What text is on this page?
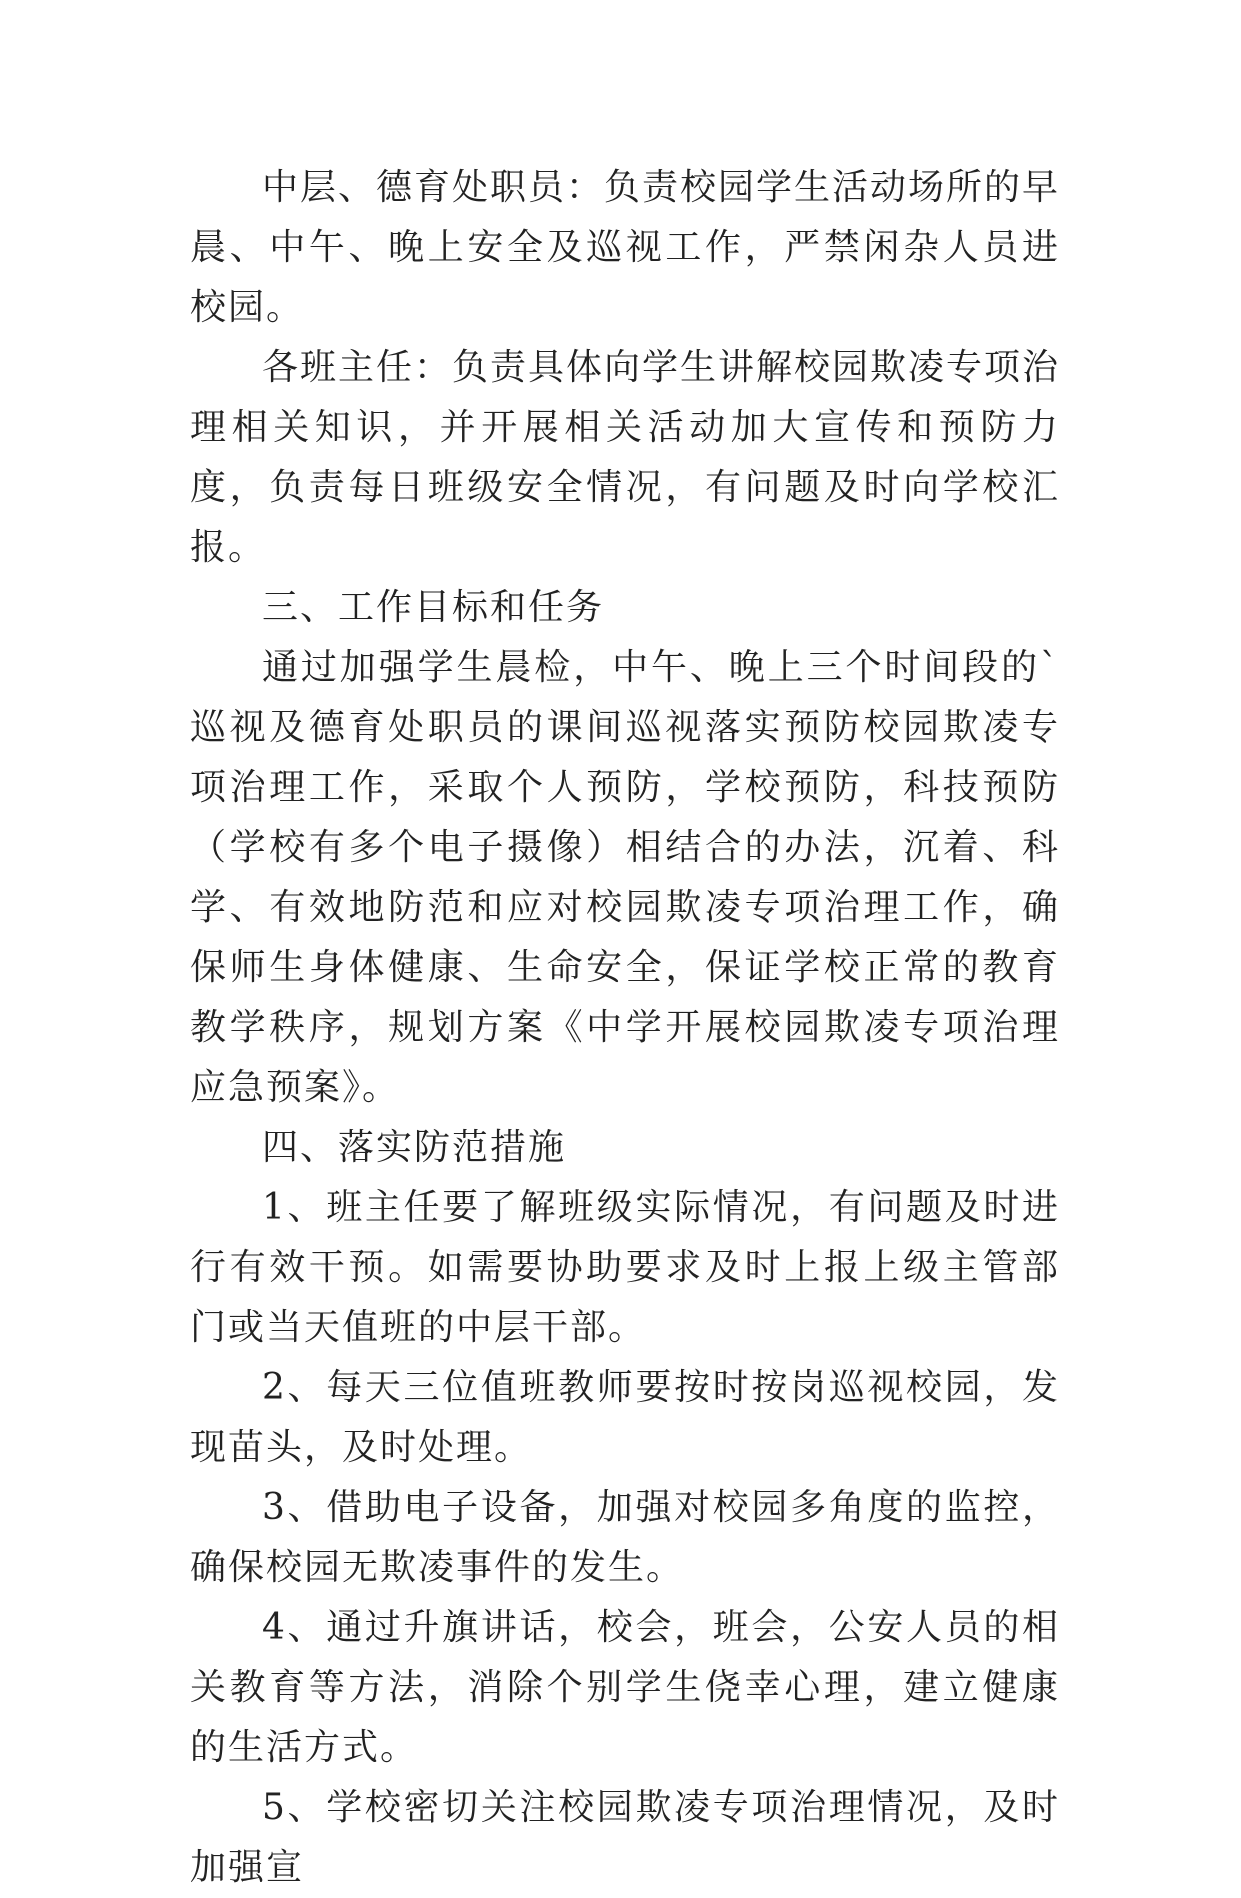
中层、德育处职员：负责校园学生活动场所的早晨、中午、晚上安全及巡视工作，严禁闲杂人员进校园。

各班主任：负责具体向学生讲解校园欺凌专项治理相关知识，并开展相关活动加大宣传和预防力度，负责每日班级安全情况，有问题及时向学校汇报。

三、工作目标和任务

通过加强学生晨检，中午、晚上三个时间段的`巡视及德育处职员的课间巡视落实预防校园欺凌专项治理工作，采取个人预防，学校预防，科技预防（学校有多个电子摄像）相结合的办法，沉着、科学、有效地防范和应对校园欺凌专项治理工作，确保师生身体健康、生命安全，保证学校正常的教育教学秩序，规划方案《中学开展校园欺凌专项治理应急预案》。

四、落实防范措施

1、班主任要了解班级实际情况，有问题及时进行有效干预。如需要协助要求及时上报上级主管部门或当天值班的中层干部。

2、每天三位值班教师要按时按岗巡视校园，发现苗头，及时处理。

3、借助电子设备，加强对校园多角度的监控，确保校园无欺凌事件的发生。

4、通过升旗讲话，校会，班会，公安人员的相关教育等方法，消除个别学生侥幸心理，建立健康的生活方式。

5、学校密切关注校园欺凌专项治理情况，及时加强宣
